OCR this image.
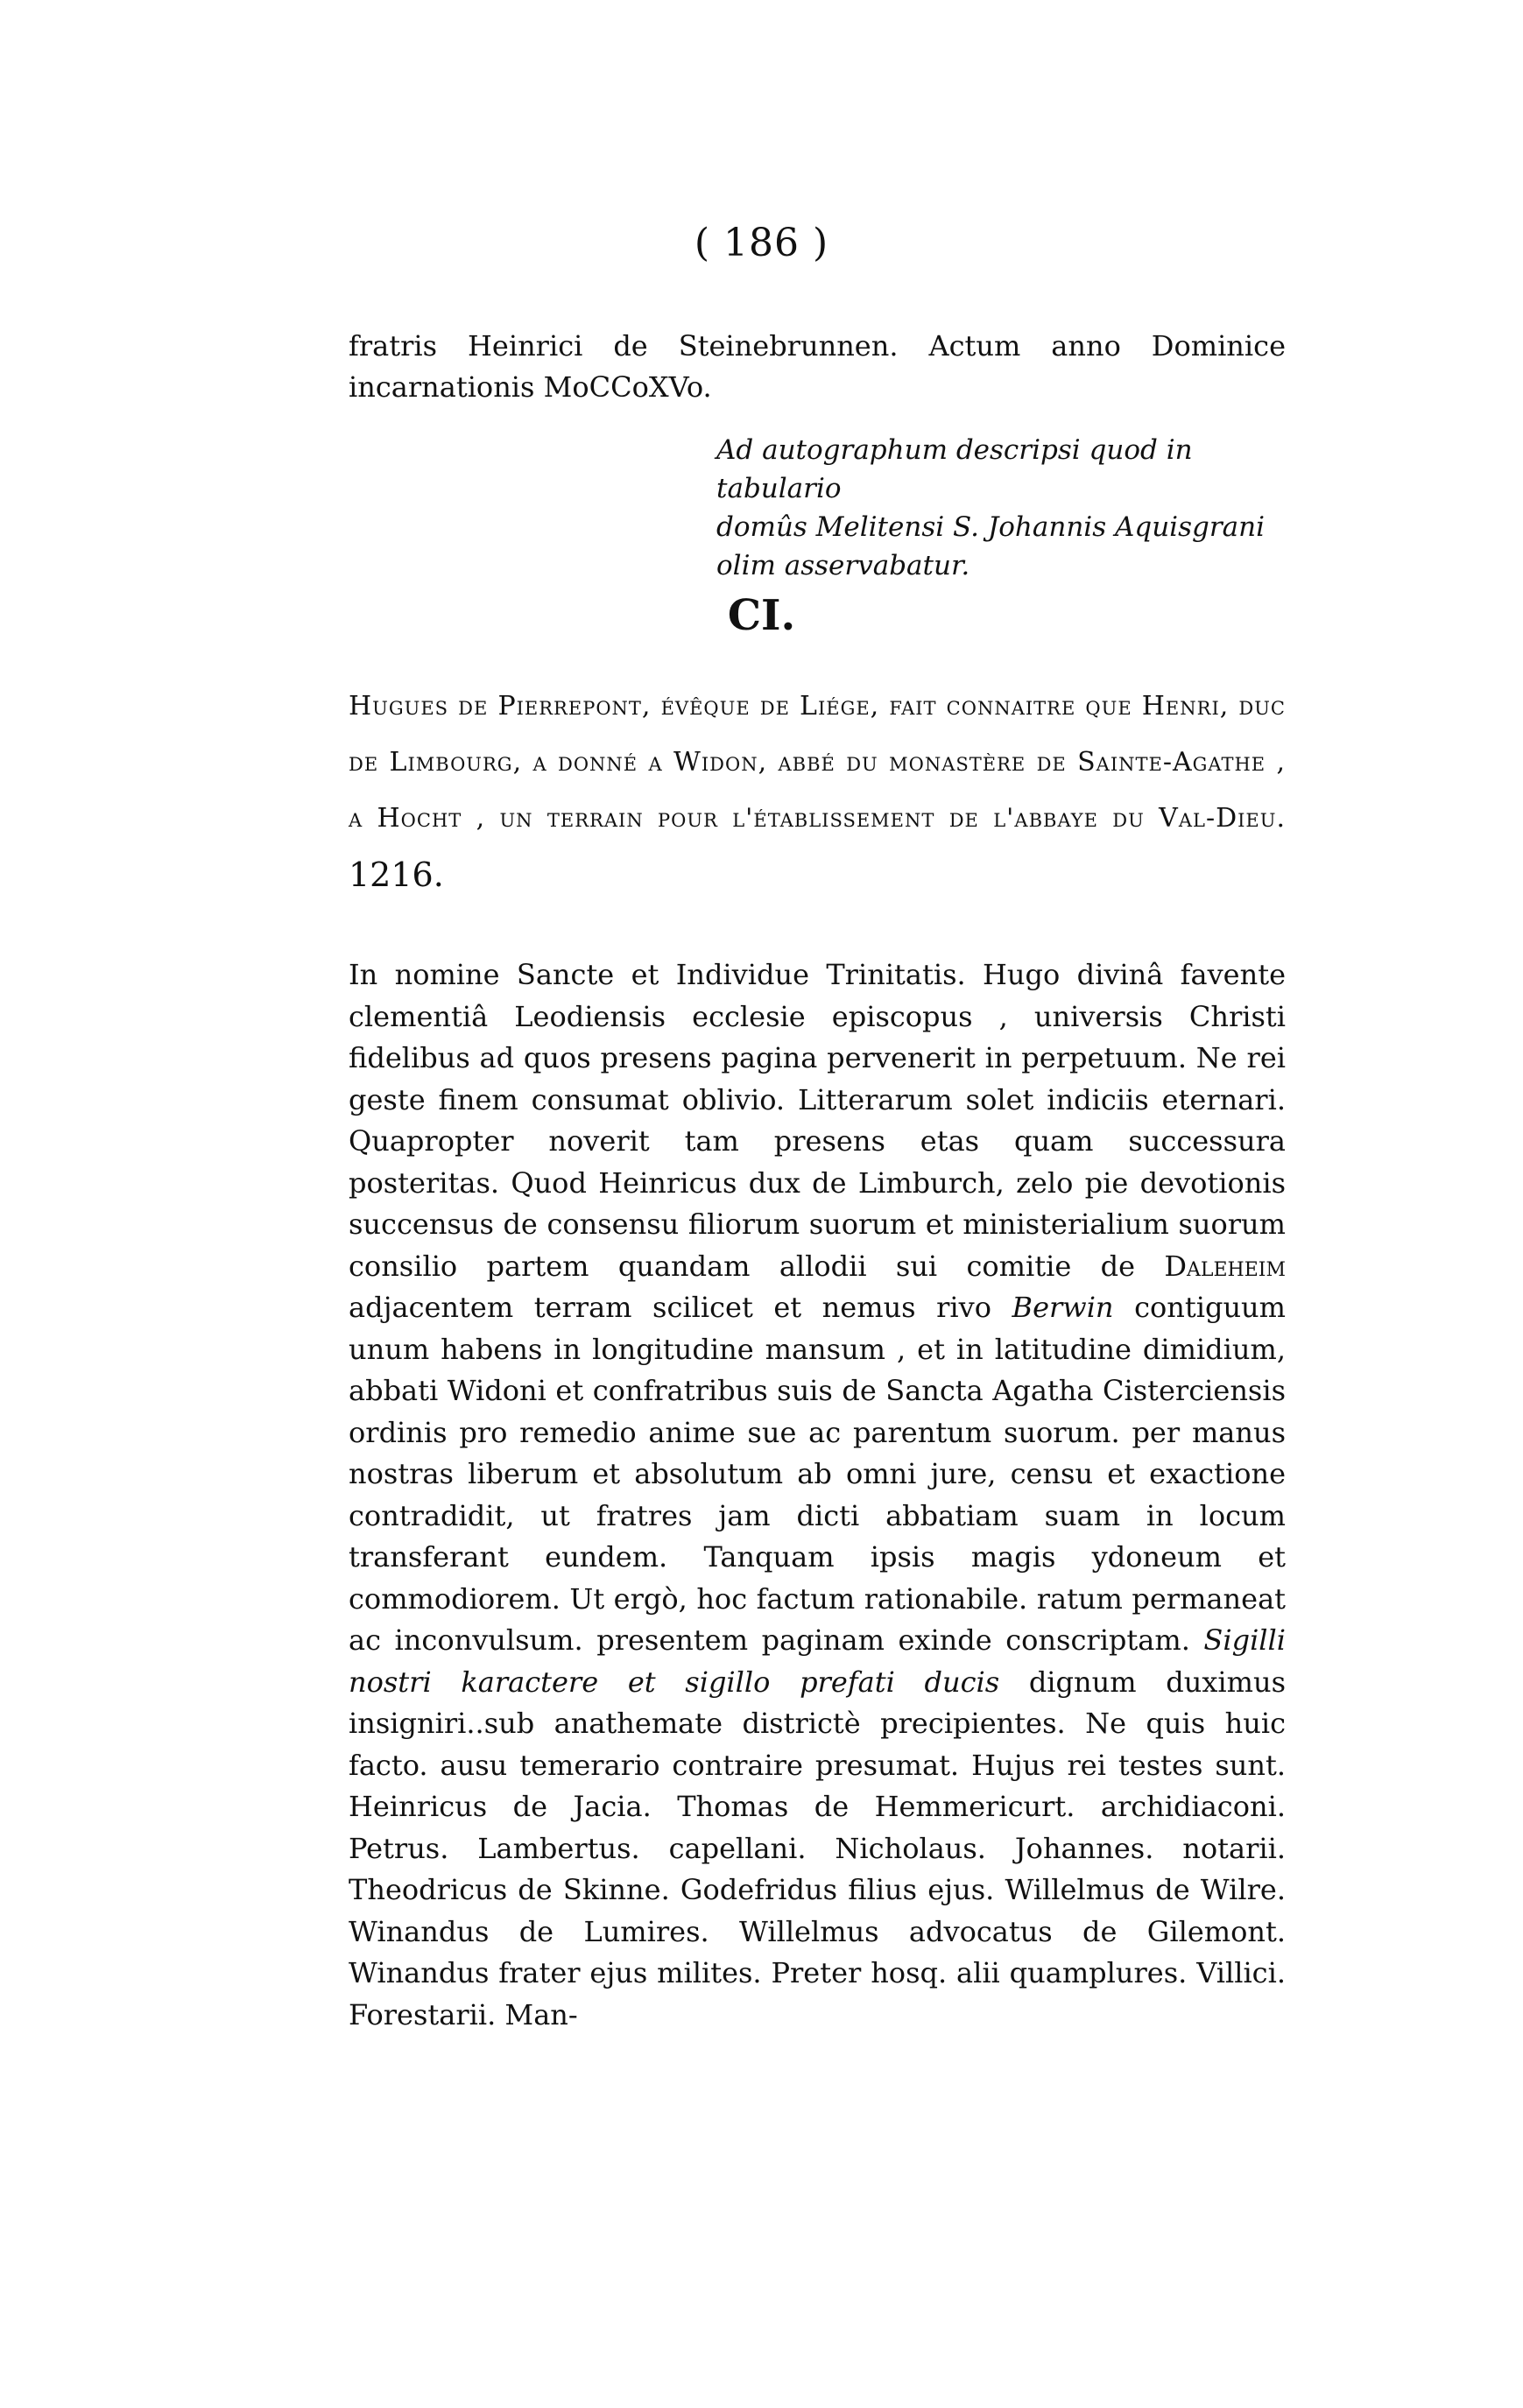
( 186 )

fratris Heinrici de Steinebrunnen. Actum anno Dominice incarnationis MoCCoXVo.

Ad autographum descripsi quod in tabulario
domûs Melitensi S. Johannis Aquisgrani
olim asservabatur.
CI.
Hugues de Pierrepont, évêque de Liége, fait connaitre que Henri, duc de Limbourg, a donné a Widon, abbé du monastère de Sainte-Agathe , a Hocht , un terrain pour l'établissement de l'abbaye du Val-Dieu. 1216.

In nomine Sancte et Individue Trinitatis. Hugo divinâ favente clementiâ Leodiensis ecclesie episcopus , universis Christi fidelibus ad quos presens pagina pervenerit in perpetuum. Ne rei geste finem consumat oblivio. Litterarum solet indiciis eternari. Quapropter noverit tam presens etas quam successura posteritas. Quod Heinricus dux de Limburch, zelo pie devotionis succensus de consensu filiorum suorum et ministerialium suorum consilio partem quandam allodii sui comitie de Daleheim adjacentem terram scilicet et nemus rivo Berwin contiguum unum habens in longitudine mansum , et in latitudine dimidium, abbati Widoni et confratribus suis de Sancta Agatha Cisterciensis ordinis pro remedio anime sue ac parentum suorum. per manus nostras liberum et absolutum ab omni jure, censu et exactione contradidit, ut fratres jam dicti abbatiam suam in locum transferant eundem. Tanquam ipsis magis ydoneum et commodiorem. Ut ergò, hoc factum rationabile. ratum permaneat ac inconvulsum. presentem paginam exinde conscriptam. Sigilli nostri karactere et sigillo prefati ducis dignum duximus insigniri..sub anathemate districtè precipientes. Ne quis huic facto. ausu temerario contraire presumat. Hujus rei testes sunt. Heinricus de Jacia. Thomas de Hemmericurt. archidiaconi. Petrus. Lambertus. capellani. Nicholaus. Johannes. notarii. Theodricus de Skinne. Godefridus filius ejus. Willelmus de Wilre. Winandus de Lumires. Willelmus advocatus de Gilemont. Winandus frater ejus milites. Preter hosq. alii quamplures. Villici. Forestarii. Man-
